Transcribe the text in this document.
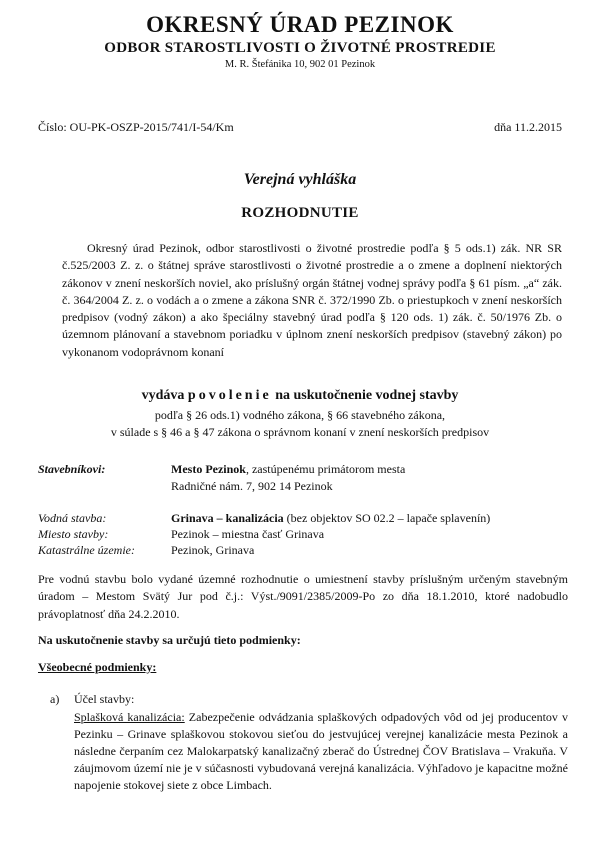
OKRESNÝ ÚRAD PEZINOK
ODBOR STAROSTLIVOSTI O ŽIVOTNÉ PROSTREDIE
M. R. Štefánika 10, 902 01 Pezinok
Číslo: OU-PK-OSZP-2015/741/I-54/Km	dňa 11.2.2015
Verejná vyhláška
ROZHODNUTIE
Okresný úrad Pezinok, odbor starostlivosti o životné prostredie podľa § 5 ods.1) zák. NR SR č.525/2003 Z. z. o štátnej správe starostlivosti o životné prostredie a o zmene a doplnení niektorých zákonov v znení neskorších noviel, ako príslušný orgán štátnej vodnej správy podľa § 61 písm. „a“ zák. č. 364/2004 Z. z. o vodách a o zmene a zákona SNR č. 372/1990 Zb. o priestupkoch v znení neskorších predpisov (vodný zákon) a ako špeciálny stavebný úrad podľa § 120 ods. 1) zák. č. 50/1976 Zb. o územnom plánovaní a stavebnom poriadku v úplnom znení neskorších predpisov (stavebný zákon) po vykonanom vodoprávnom konaní
vydáva povolenie na uskutočnenie vodnej stavby
podľa § 26 ods.1) vodného zákona, § 66 stavebného zákona,
v súlade s § 46 a § 47 zákona o správnom konaní v znení neskorších predpisov
Stavebníkovi:	Mesto Pezinok, zastúpenému primátorom mesta
Radničné nám. 7, 902 14 Pezinok
Vodná stavba:	Grinava – kanalizácia (bez objektov SO 02.2 – lapače splavenín)
Miesto stavby:	Pezinok – miestna časť Grinava
Katastrálne územie:	Pezinok, Grinava
Pre vodnú stavbu bolo vydané územné rozhodnutie o umiestnení stavby príslušným určeným stavebným úradom – Mestom Svätý Jur pod č.j.: Výst./9091/2385/2009-Po zo dňa 18.1.2010, ktoré nadobudlo právoplatnosť dňa 24.2.2010.
Na uskutočnenie stavby sa určujú tieto podmienky:
Všeobecné podmienky:
a) Účel stavby:
Splašková kanalizácia: Zabezpečenie odvádzania splaškových odpadových vôd od jej producentov v Pezinku – Grinave splaškovou stokovou sieťou do jestvujúcej verejnej kanalizácie mesta Pezinok a následne čerpaním cez Malokarpatský kanalizačný zberač do Ústrednej ČOV Bratislava – Vrakuňa. V záujmovom území nie je v súčasnosti vybudovaná verejná kanalizácia. Výhľadovo je kapacitne možné napojenie stokovej siete z obce Limbach.
